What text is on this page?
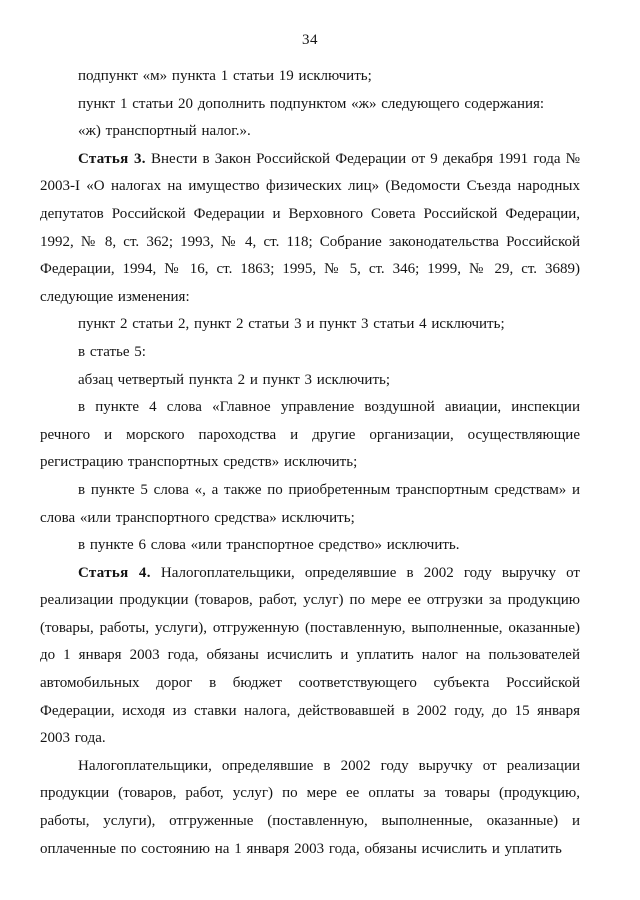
34

подпункт «м» пункта 1 статьи 19 исключить;

пункт 1 статьи 20 дополнить подпунктом «ж» следующего содержания:

«ж) транспортный налог.».

Статья 3. Внести в Закон Российской Федерации от 9 декабря 1991 года № 2003-I «О налогах на имущество физических лиц» (Ведомости Съезда народных депутатов Российской Федерации и Верховного Совета Российской Федерации, 1992, № 8, ст. 362; 1993, № 4, ст. 118; Собрание законодательства Российской Федерации, 1994, № 16, ст. 1863; 1995, № 5, ст. 346; 1999, № 29, ст. 3689) следующие изменения:

пункт 2 статьи 2, пункт 2 статьи 3 и пункт 3 статьи 4 исключить;

в статье 5:

абзац четвертый пункта 2 и пункт 3 исключить;

в пункте 4 слова «Главное управление воздушной авиации, инспекции речного и морского пароходства и другие организации, осуществляющие регистрацию транспортных средств» исключить;

в пункте 5 слова «, а также по приобретенным транспортным средствам» и слова «или транспортного средства» исключить;

в пункте 6 слова «или транспортное средство» исключить.

Статья 4. Налогоплательщики, определявшие в 2002 году выручку от реализации продукции (товаров, работ, услуг) по мере ее отгрузки за продукцию (товары, работы, услуги), отгруженную (поставленную, выполненные, оказанные) до 1 января 2003 года, обязаны исчислить и уплатить налог на пользователей автомобильных дорог в бюджет соответствующего субъекта Российской Федерации, исходя из ставки налога, действовавшей в 2002 году, до 15 января 2003 года.

Налогоплательщики, определявшие в 2002 году выручку от реализации продукции (товаров, работ, услуг) по мере ее оплаты за товары (продукцию, работы, услуги), отгруженные (поставленную, выполненные, оказанные) и оплаченные по состоянию на 1 января 2003 года, обязаны исчислить и уплатить
